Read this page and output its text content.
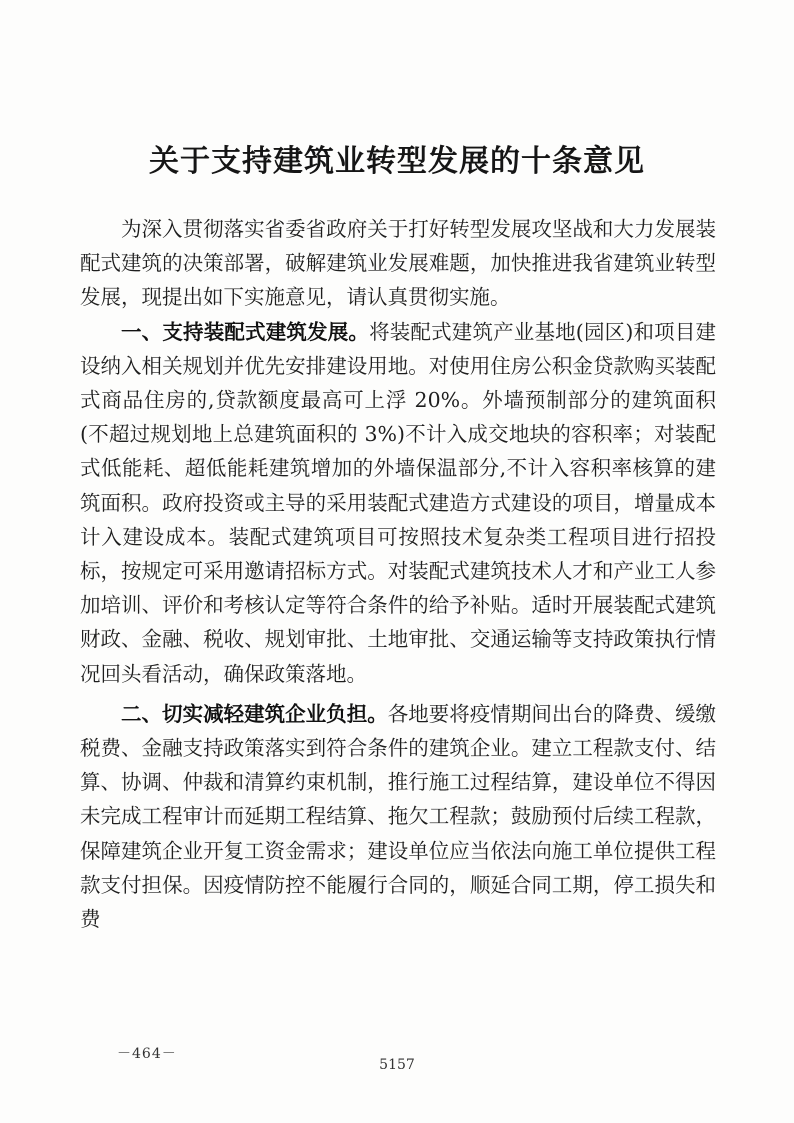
关于支持建筑业转型发展的十条意见

为深入贯彻落实省委省政府关于打好转型发展攻坚战和大力发展装配式建筑的决策部署，破解建筑业发展难题，加快推进我省建筑业转型发展，现提出如下实施意见，请认真贯彻实施。

一、支持装配式建筑发展。将装配式建筑产业基地(园区)和项目建设纳入相关规划并优先安排建设用地。对使用住房公积金贷款购买装配式商品住房的,贷款额度最高可上浮 20%。外墙预制部分的建筑面积(不超过规划地上总建筑面积的 3%)不计入成交地块的容积率；对装配式低能耗、超低能耗建筑增加的外墙保温部分,不计入容积率核算的建筑面积。政府投资或主导的采用装配式建造方式建设的项目，增量成本计入建设成本。装配式建筑项目可按照技术复杂类工程项目进行招投标，按规定可采用邀请招标方式。对装配式建筑技术人才和产业工人参加培训、评价和考核认定等符合条件的给予补贴。适时开展装配式建筑财政、金融、税收、规划审批、土地审批、交通运输等支持政策执行情况回头看活动，确保政策落地。

二、切实减轻建筑企业负担。各地要将疫情期间出台的降费、缓缴税费、金融支持政策落实到符合条件的建筑企业。建立工程款支付、结算、协调、仲裁和清算约束机制，推行施工过程结算，建设单位不得因未完成工程审计而延期工程结算、拖欠工程款；鼓励预付后续工程款，保障建筑企业开复工资金需求；建设单位应当依法向施工单位提供工程款支付担保。因疫情防控不能履行合同的，顺延合同工期，停工损失和费

－464－
5157
